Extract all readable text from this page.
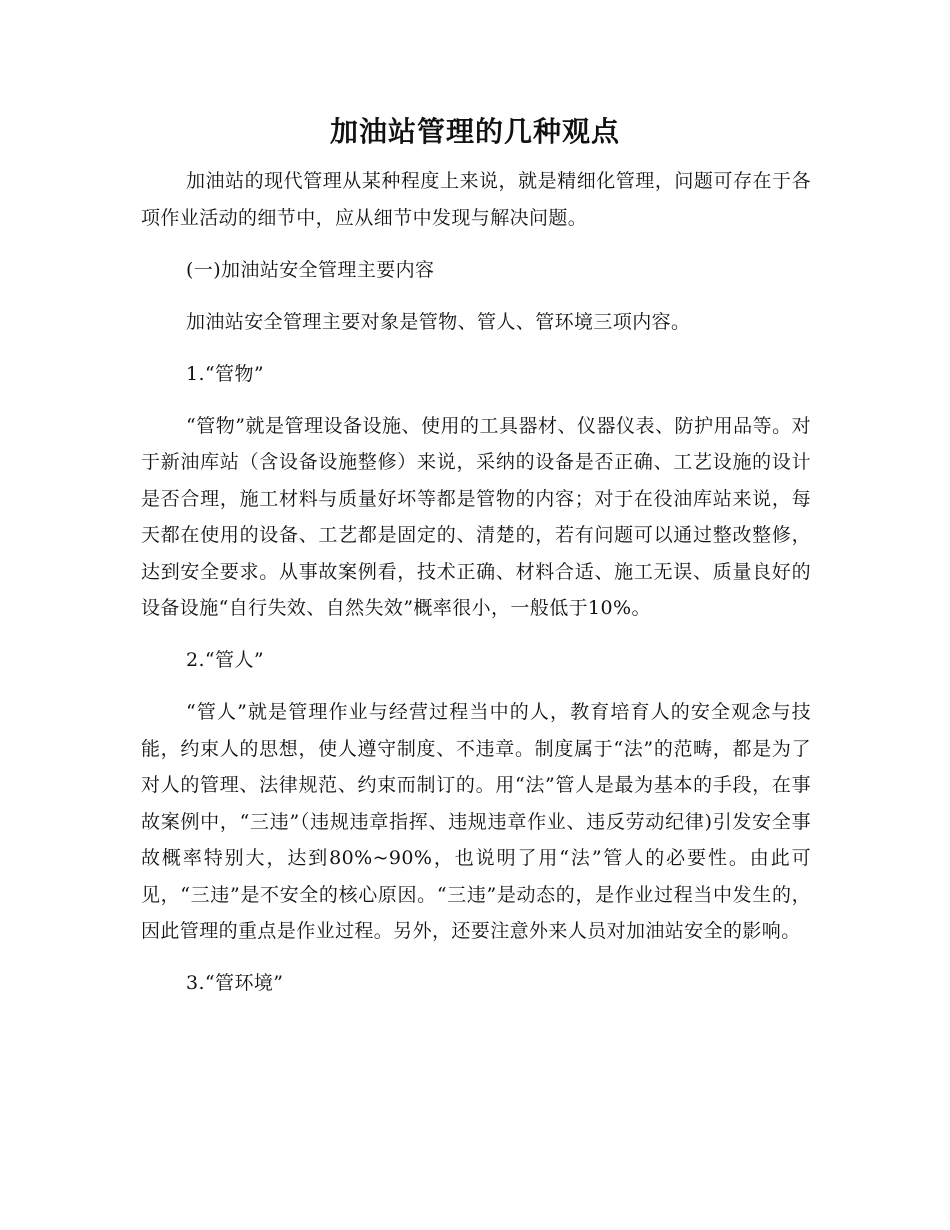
加油站管理的几种观点

加油站的现代管理从某种程度上来说，就是精细化管理，问题可存在于各项作业活动的细节中，应从细节中发现与解决问题。

(一)加油站安全管理主要内容

加油站安全管理主要对象是管物、管人、管环境三项内容。

1.“管物”

“管物”就是管理设备设施、使用的工具器材、仪器仪表、防护用品等。对于新油库站（含设备设施整修）来说，采纳的设备是否正确、工艺设施的设计是否合理，施工材料与质量好坏等都是管物的内容；对于在役油库站来说，每天都在使用的设备、工艺都是固定的、清楚的，若有问题可以通过整改整修，达到安全要求。从事故案例看，技术正确、材料合适、施工无误、质量良好的设备设施“自行失效、自然失效”概率很小，一般低于10%。

2.“管人”

“管人”就是管理作业与经营过程当中的人，教育培育人的安全观念与技能，约束人的思想，使人遵守制度、不违章。制度属于“法”的范畴，都是为了对人的管理、法律规范、约束而制订的。用“法”管人是最为基本的手段，在事故案例中，“三违”（违规违章指挥、违规违章作业、违反劳动纪律)引发安全事故概率特别大，达到80%~90%，也说明了用“法”管人的必要性。由此可见，“三违”是不安全的核心原因。“三违”是动态的，是作业过程当中发生的，因此管理的重点是作业过程。另外，还要注意外来人员对加油站安全的影响。

3.“管环境”
